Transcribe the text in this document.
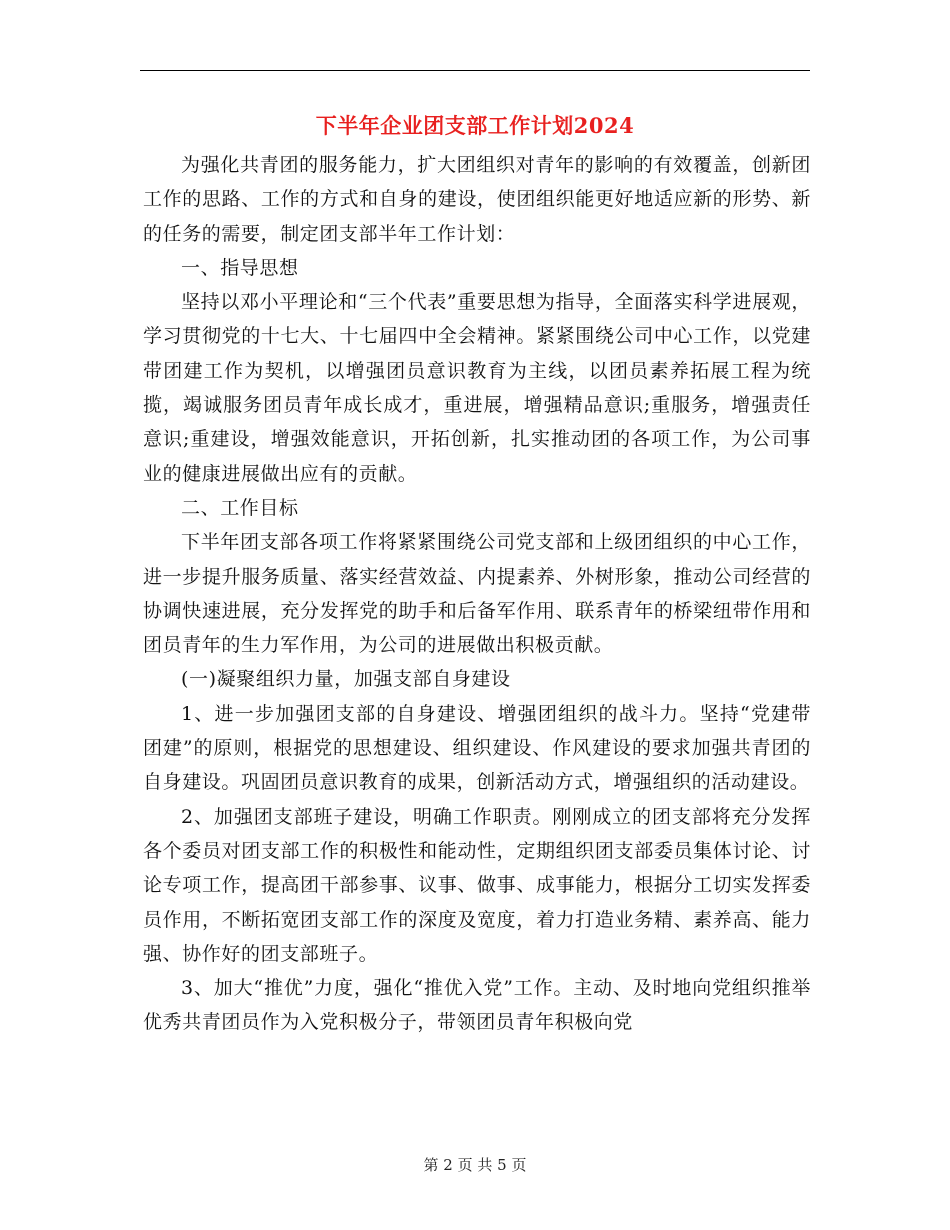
下半年企业团支部工作计划2024

为强化共青团的服务能力，扩大团组织对青年的影响的有效覆盖，创新团工作的思路、工作的方式和自身的建设，使团组织能更好地适应新的形势、新的任务的需要，制定团支部半年工作计划：

一、指导思想

坚持以邓小平理论和“三个代表”重要思想为指导，全面落实科学进展观，学习贯彻党的十七大、十七届四中全会精神。紧紧围绕公司中心工作，以党建带团建工作为契机，以增强团员意识教育为主线，以团员素养拓展工程为统揽，竭诚服务团员青年成长成才，重进展，增强精品意识;重服务，增强责任意识;重建设，增强效能意识，开拓创新，扎实推动团的各项工作，为公司事业的健康进展做出应有的贡献。

二、工作目标

下半年团支部各项工作将紧紧围绕公司党支部和上级团组织的中心工作，进一步提升服务质量、落实经营效益、内提素养、外树形象，推动公司经营的协调快速进展，充分发挥党的助手和后备军作用、联系青年的桥梁纽带作用和团员青年的生力军作用，为公司的进展做出积极贡献。

(一)凝聚组织力量，加强支部自身建设

1、进一步加强团支部的自身建设、增强团组织的战斗力。坚持“党建带团建”的原则，根据党的思想建设、组织建设、作风建设的要求加强共青团的自身建设。巩固团员意识教育的成果，创新活动方式，增强组织的活动建设。

2、加强团支部班子建设，明确工作职责。刚刚成立的团支部将充分发挥各个委员对团支部工作的积极性和能动性，定期组织团支部委员集体讨论、讨论专项工作，提高团干部参事、议事、做事、成事能力，根据分工切实发挥委员作用，不断拓宽团支部工作的深度及宽度，着力打造业务精、素养高、能力强、协作好的团支部班子。

3、加大“推优”力度，强化“推优入党”工作。主动、及时地向党组织推举优秀共青团员作为入党积极分子，带领团员青年积极向党

第 2 页 共 5 页
